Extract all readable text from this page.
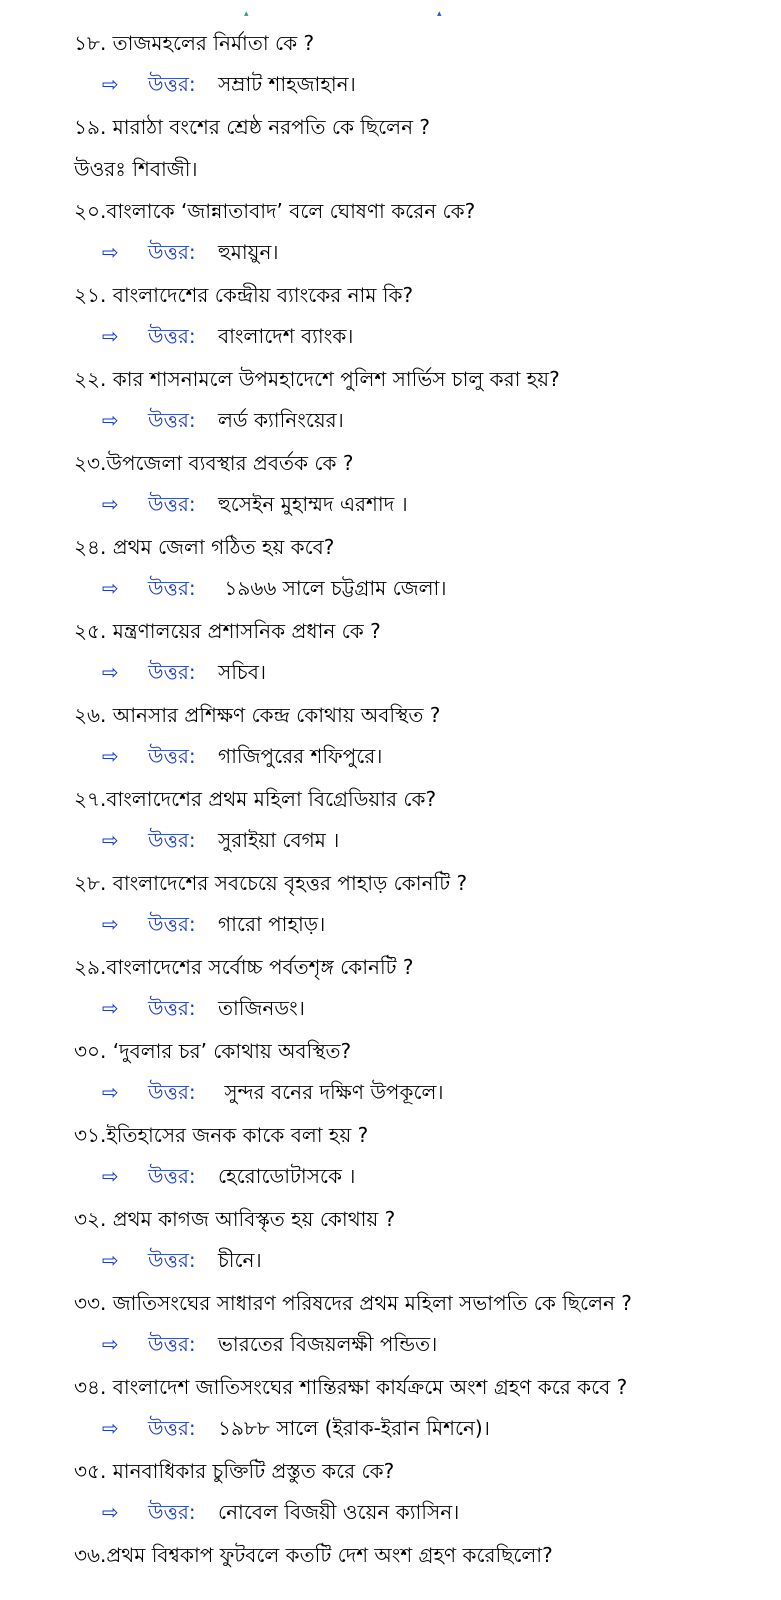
▴	▴
১৮. তাজমহলের নির্মাতা কে ?
⇨ উত্তর: সম্রাট শাহজাহান।
১৯. মারাঠা বংশের শ্রেষ্ঠ নরপতি কে ছিলেন ?
উওরঃ শিবাজী।
২০.বাংলাকে ‘জান্নাতাবাদ’ বলে ঘোষণা করেন কে?
⇨ উত্তর: হুমায়ুন।
২১. বাংলাদেশের কেন্দ্রীয় ব্যাংকের নাম কি?
⇨ উত্তর: বাংলাদেশ ব্যাংক।
২২. কার শাসনামলে উপমহাদেশে পুলিশ সার্ভিস চালু করা হয়?
⇨ উত্তর: লর্ড ক্যানিংয়ের।
২৩.উপজেলা ব্যবস্থার প্রবর্তক কে ?
⇨ উত্তর: হুসেইন মুহাম্মদ এরশাদ ।
২৪. প্রথম জেলা গঠিত হয় কবে?
⇨ উত্তর: ১৯৬৬ সালে চট্টগ্রাম জেলা।
২৫. মন্ত্রণালয়ের প্রশাসনিক প্রধান কে ?
⇨ উত্তর: সচিব।
২৬. আনসার প্রশিক্ষণ কেন্দ্র কোথায় অবস্থিত ?
⇨ উত্তর: গাজিপুরের শফিপুরে।
২৭.বাংলাদেশের প্রথম মহিলা বিগ্রেডিয়ার কে?
⇨ উত্তর: সুরাইয়া বেগম ।
২৮. বাংলাদেশের সবচেয়ে বৃহত্তর পাহাড় কোনটি ?
⇨ উত্তর: গারো পাহাড়।
২৯.বাংলাদেশের সর্বোচ্চ পর্বতশৃঙ্গ কোনটি ?
⇨ উত্তর: তাজিনডং।
৩০. ‘দুবলার চর’ কোথায় অবস্থিত?
⇨ উত্তর: সুন্দর বনের দক্ষিণ উপকূলে।
৩১.ইতিহাসের জনক কাকে বলা হয় ?
⇨ উত্তর: হেরোডোটাসকে ।
৩২. প্রথম কাগজ আবিস্কৃত হয় কোথায় ?
⇨ উত্তর: চীনে।
৩৩. জাতিসংঘের সাধারণ পরিষদের প্রথম মহিলা সভাপতি কে ছিলেন ?
⇨ উত্তর: ভারতের বিজয়লক্ষী পন্ডিত।
৩৪. বাংলাদেশ জাতিসংঘের শান্তিরক্ষা কার্যক্রমে অংশ গ্রহণ করে কবে ?
⇨ উত্তর: ১৯৮৮ সালে (ইরাক-ইরান মিশনে)।
৩৫. মানবাধিকার চুক্তিটি প্রস্তুত করে কে?
⇨ উত্তর: নোবেল বিজয়ী ওয়েন ক্যাসিন।
৩৬.প্রথম বিশ্বকাপ ফুটবলে কতটি দেশ অংশ গ্রহণ করেছিলো?
